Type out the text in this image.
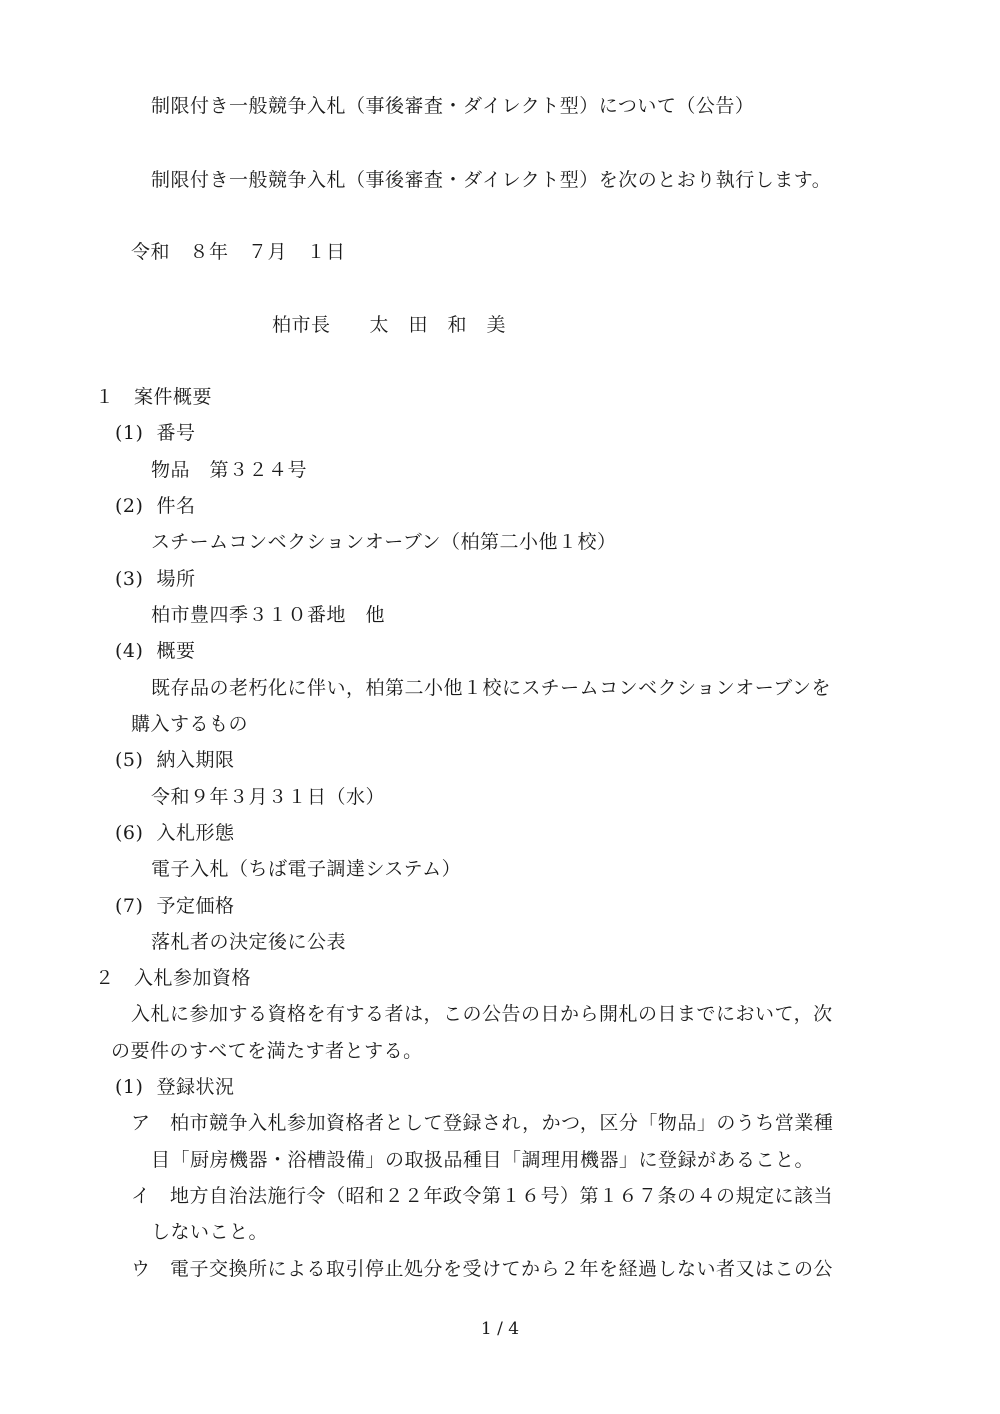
制限付き一般競争入札（事後審査・ダイレクト型）について（公告）
制限付き一般競争入札（事後審査・ダイレクト型）を次のとおり執行します。
令和　８年　７月　１日
柏市長　　太　田　和　美
１　案件概要
(1)  番号
物品　第３２４号
(2)  件名
スチームコンベクションオーブン（柏第二小他１校）
(3)  場所
柏市豊四季３１０番地　他
(4)  概要
既存品の老朽化に伴い，柏第二小他１校にスチームコンベクションオーブンを
購入するもの
(5)  納入期限
令和９年３月３１日（水）
(6)  入札形態
電子入札（ちば電子調達システム）
(7)  予定価格
落札者の決定後に公表
２　入札参加資格
入札に参加する資格を有する者は，この公告の日から開札の日までにおいて，次
の要件のすべてを満たす者とする。
(1)  登録状況
ア　柏市競争入札参加資格者として登録され，かつ，区分「物品」のうち営業種
目「厨房機器・浴槽設備」の取扱品種目「調理用機器」に登録があること。
イ　地方自治法施行令（昭和２２年政令第１６号）第１６７条の４の規定に該当
しないこと。
ウ　電子交換所による取引停止処分を受けてから２年を経過しない者又はこの公
1 / 4
